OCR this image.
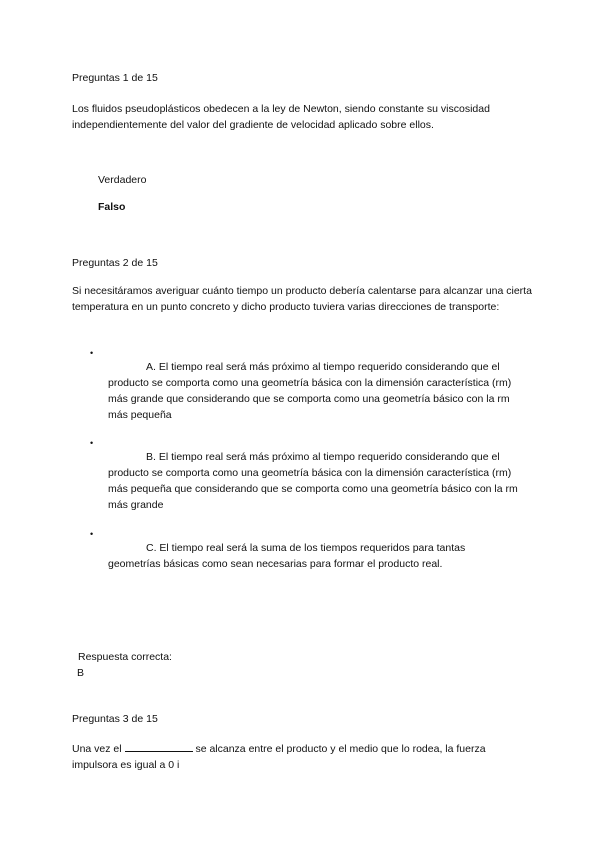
Preguntas 1 de 15
Los fluidos pseudoplásticos obedecen a la ley de Newton, siendo constante su viscosidad independientemente del valor del gradiente de velocidad aplicado sobre ellos.
Verdadero
Falso
Preguntas 2 de 15
Si necesitáramos averiguar cuánto tiempo un producto debería calentarse para alcanzar una cierta temperatura en un punto concreto y dicho producto tuviera varias direcciones de transporte:
•
A. El tiempo real será más próximo al tiempo requerido considerando que el
producto se comporta como una geometría básica con la dimensión característica (rm) más grande que considerando que se comporta como una geometría básico con la rm más pequeña
•
B. El tiempo real será más próximo al tiempo requerido considerando que el
producto se comporta como una geometría básica con la dimensión característica (rm) más pequeña que considerando que se comporta como una geometría básico con la rm más grande
•
C. El tiempo real será la suma de los tiempos requeridos para tantas
geometrías básicas como sean necesarias para formar el producto real.
Respuesta correcta:
B
Preguntas 3 de 15
Una vez el	se alcanza entre el producto y el medio que lo rodea, la fuerza
impulsora es igual a 0 i
